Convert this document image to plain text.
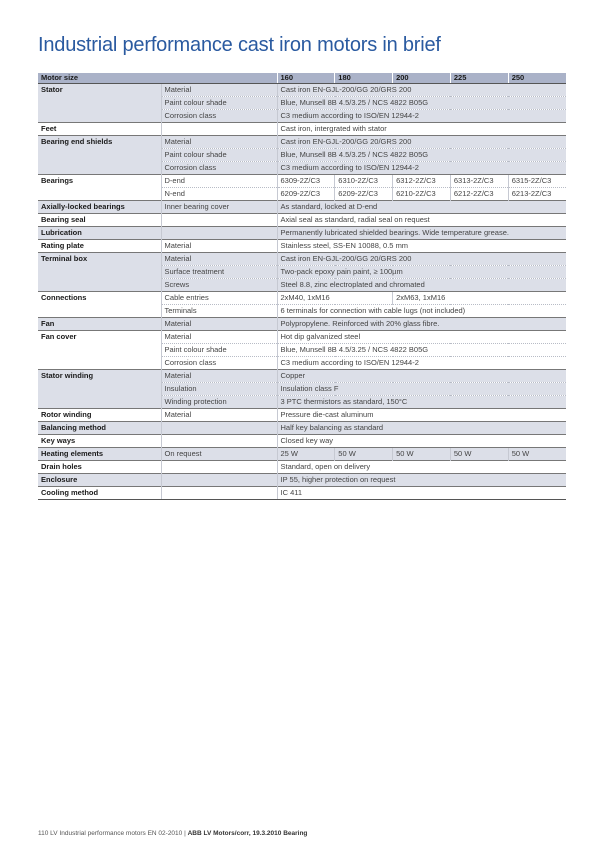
Industrial performance cast iron motors in brief
Motor size		160	180	200	225	250
Stator	Material	Cast iron EN-GJL-200/GG 20/GRS 200				
	Paint colour shade	Blue, Munsell 8B 4.5/3.25 / NCS 4822 B05G				
	Corrosion class	C3 medium according to ISO/EN 12944-2				
Feet		Cast iron, intergrated with stator				
Bearing end shields	Material	Cast iron EN-GJL-200/GG 20/GRS 200				
	Paint colour shade	Blue, Munsell 8B 4.5/3.25 / NCS 4822 B05G				
	Corrosion class	C3 medium according to ISO/EN 12944-2				
Bearings	D-end	6309-2Z/C3	6310-2Z/C3	6312-2Z/C3	6313-2Z/C3	6315-2Z/C3
	N-end	6209-2Z/C3	6209-2Z/C3	6210-2Z/C3	6212-2Z/C3	6213-2Z/C3
Axially-locked bearings	Inner bearing cover	As standard, locked at D-end				
Bearing seal		Axial seal as standard, radial seal on request				
Lubrication		Permanently lubricated shielded bearings. Wide temperature grease.				
Rating plate	Material	Stainless steel, SS-EN 10088, 0.5 mm				
Terminal box	Material	Cast iron EN-GJL-200/GG 20/GRS 200				
	Surface treatment	Two-pack epoxy pain paint, ≥ 100µm				
	Screws	Steel 8.8, zinc electroplated and chromated				
Connections	Cable entries	2xM40, 1xM16		2xM63, 1xM16		
	Terminals	6 terminals for connection with cable lugs (not included)				
Fan	Material	Polypropylene. Reinforced with 20% glass fibre.				
Fan cover	Material	Hot dip galvanized steel				
	Paint colour shade	Blue, Munsell 8B 4.5/3.25 / NCS 4822 B05G				
	Corrosion class	C3 medium according to ISO/EN 12944-2				
Stator winding	Material	Copper				
	Insulation	Insulation class F				
	Winding protection	3 PTC thermistors as standard, 150°C				
Rotor winding	Material	Pressure die-cast aluminum				
Balancing method		Half key balancing as standard				
Key ways		Closed key way				
Heating elements	On request	25 W	50 W	50 W	50 W	50 W
Drain holes		Standard, open on delivery				
Enclosure		IP 55, higher protection on request				
Cooling method		IC 411				
110 LV Industrial performance motors EN 02-2010 | ABB LV Motors/corr, 19.3.2010 Bearing
